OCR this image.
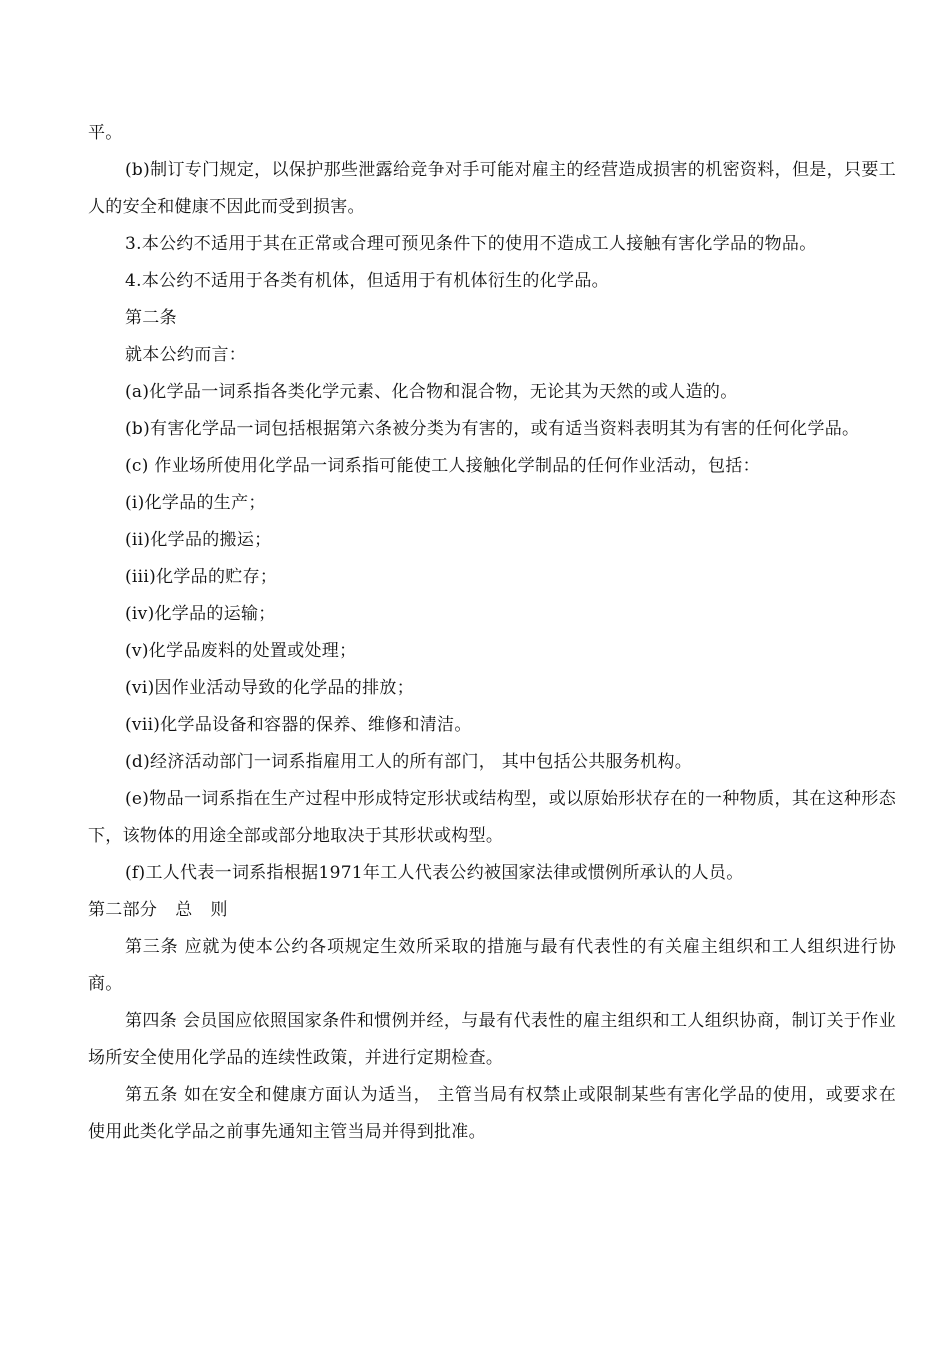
平。

(b)制订专门规定，以保护那些泄露给竞争对手可能对雇主的经营造成损害的机密资料，但是，只要工人的安全和健康不因此而受到损害。

3.本公约不适用于其在正常或合理可预见条件下的使用不造成工人接触有害化学品的物品。

4.本公约不适用于各类有机体，但适用于有机体衍生的化学品。

第二条

就本公约而言：

(a)化学品一词系指各类化学元素、化合物和混合物，无论其为天然的或人造的。

(b)有害化学品一词包括根据第六条被分类为有害的，或有适当资料表明其为有害的任何化学品。

(c) 作业场所使用化学品一词系指可能使工人接触化学制品的任何作业活动，包括：

(i)化学品的生产；

(ii)化学品的搬运；

(iii)化学品的贮存；

(iv)化学品的运输；

(v)化学品废料的处置或处理；

(vi)因作业活动导致的化学品的排放；

(vii)化学品设备和容器的保养、维修和清洁。

(d)经济活动部门一词系指雇用工人的所有部门， 其中包括公共服务机构。

(e)物品一词系指在生产过程中形成特定形状或结构型，或以原始形状存在的一种物质，其在这种形态下，该物体的用途全部或部分地取决于其形状或构型。

(f)工人代表一词系指根据1971年工人代表公约被国家法律或惯例所承认的人员。

第二部分 总 则

第三条 应就为使本公约各项规定生效所采取的措施与最有代表性的有关雇主组织和工人组织进行协商。

第四条 会员国应依照国家条件和惯例并经，与最有代表性的雇主组织和工人组织协商，制订关于作业场所安全使用化学品的连续性政策，并进行定期检查。

第五条 如在安全和健康方面认为适当， 主管当局有权禁止或限制某些有害化学品的使用，或要求在使用此类化学品之前事先通知主管当局并得到批准。
